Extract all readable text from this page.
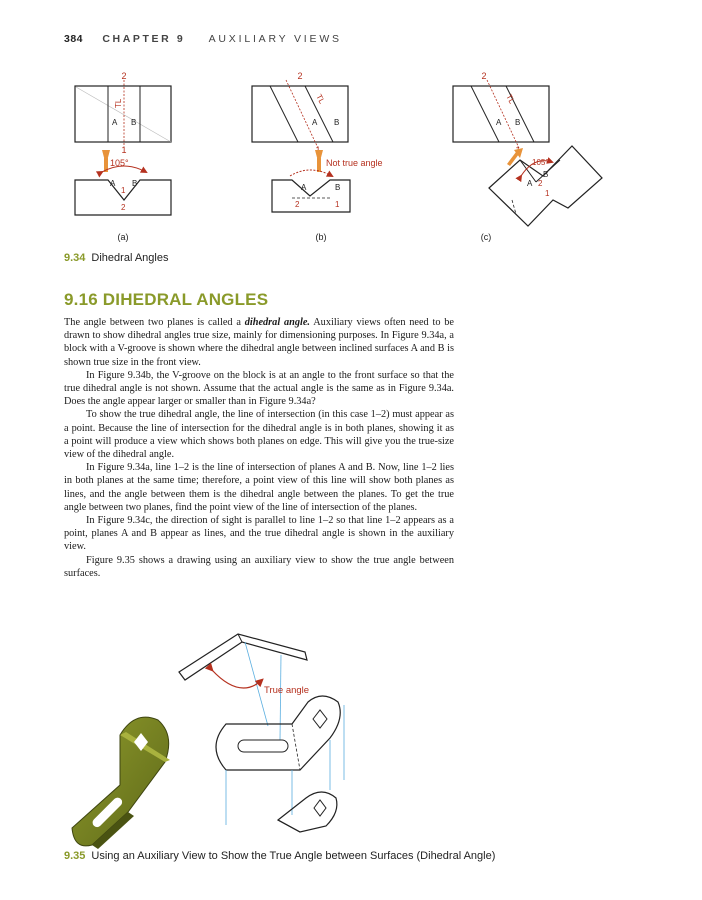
384 CHAPTER 9 AUXILIARY VIEWS
2
TL
A B
1
105°
A B
1
2
(a)
2
TL
A B
Not true angle
A	B
2	1
(b)
2
TL
A B
105°
A
B
2
1
(c)
9.34 Dihedral Angles
9.16 DIHEDRAL ANGLES

The angle between two planes is called a dihedral angle. Auxiliary views often need to be drawn to show dihedral angles true size, mainly for dimensioning purposes. In Figure 9.34a, a block with a V-groove is shown where the dihedral angle between inclined surfaces A and B is shown true size in the front view.

In Figure 9.34b, the V-groove on the block is at an angle to the front surface so that the true dihedral angle is not shown. Assume that the actual angle is the same as in Figure 9.34a. Does the angle appear larger or smaller than in Figure 9.34a?

To show the true dihedral angle, the line of intersection (in this case 1–2) must appear as a point. Because the line of intersection for the dihedral angle is in both planes, showing it as a point will produce a view which shows both planes on edge. This will give you the true-size view of the dihedral angle.

In Figure 9.34a, line 1–2 is the line of intersection of planes A and B. Now, line 1–2 lies in both planes at the same time; therefore, a point view of this line will show both planes as lines, and the angle between them is the dihedral angle between the planes. To get the true angle between two planes, find the point view of the line of intersection of the planes.

In Figure 9.34c, the direction of sight is parallel to line 1–2 so that line 1–2 appears as a point, planes A and B appear as lines, and the true dihedral angle is shown in the auxiliary view.

Figure 9.35 shows a drawing using an auxiliary view to show the true angle between surfaces.

True angle
9.35 Using an Auxiliary View to Show the True Angle between Surfaces (Dihedral Angle)
